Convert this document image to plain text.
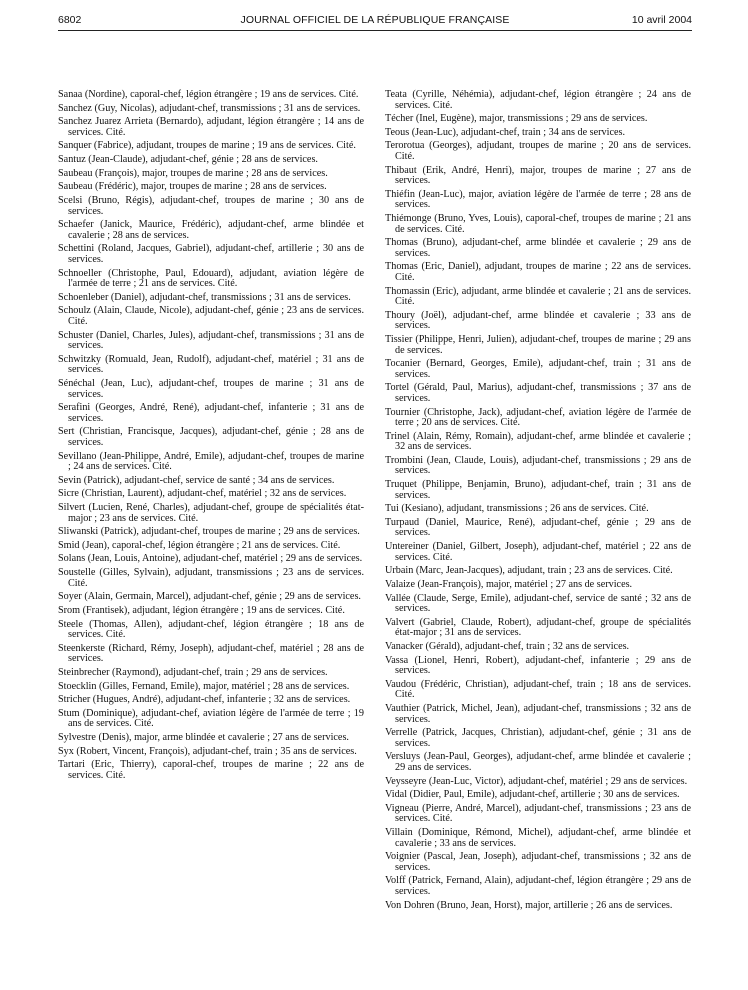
6802	JOURNAL OFFICIEL DE LA RÉPUBLIQUE FRANÇAISE	10 avril 2004

Sanaa (Nordine), caporal-chef, légion étrangère ; 19 ans de services. Cité.

Sanchez (Guy, Nicolas), adjudant-chef, transmissions ; 31 ans de services.

Sanchez Juarez Arrieta (Bernardo), adjudant, légion étrangère ; 14 ans de services. Cité.

Sanquer (Fabrice), adjudant, troupes de marine ; 19 ans de services. Cité.

Santuz (Jean-Claude), adjudant-chef, génie ; 28 ans de services.

Saubeau (François), major, troupes de marine ; 28 ans de services.

Saubeau (Frédéric), major, troupes de marine ; 28 ans de services.

Scelsi (Bruno, Régis), adjudant-chef, troupes de marine ; 30 ans de services.

Schaefer (Janick, Maurice, Frédéric), adjudant-chef, arme blindée et cavalerie ; 28 ans de services.

Schettini (Roland, Jacques, Gabriel), adjudant-chef, artillerie ; 30 ans de services.

Schnoeller (Christophe, Paul, Edouard), adjudant, aviation légère de l'armée de terre ; 21 ans de services. Cité.

Schoenleber (Daniel), adjudant-chef, transmissions ; 31 ans de services.

Schoulz (Alain, Claude, Nicole), adjudant-chef, génie ; 23 ans de services. Cité.

Schuster (Daniel, Charles, Jules), adjudant-chef, transmissions ; 31 ans de services.

Schwitzky (Romuald, Jean, Rudolf), adjudant-chef, matériel ; 31 ans de services.

Sénéchal (Jean, Luc), adjudant-chef, troupes de marine ; 31 ans de services.

Serafini (Georges, André, René), adjudant-chef, infanterie ; 31 ans de services.

Sert (Christian, Francisque, Jacques), adjudant-chef, génie ; 28 ans de services.

Sevillano (Jean-Philippe, André, Emile), adjudant-chef, troupes de marine ; 24 ans de services. Cité.

Sevin (Patrick), adjudant-chef, service de santé ; 34 ans de services.

Sicre (Christian, Laurent), adjudant-chef, matériel ; 32 ans de services.

Silvert (Lucien, René, Charles), adjudant-chef, groupe de spécialités état-major ; 23 ans de services. Cité.

Sliwanski (Patrick), adjudant-chef, troupes de marine ; 29 ans de services.

Smid (Jean), caporal-chef, légion étrangère ; 21 ans de services. Cité.

Solans (Jean, Louis, Antoine), adjudant-chef, matériel ; 29 ans de services.

Soustelle (Gilles, Sylvain), adjudant, transmissions ; 23 ans de services. Cité.

Soyer (Alain, Germain, Marcel), adjudant-chef, génie ; 29 ans de services.

Srom (Frantisek), adjudant, légion étrangère ; 19 ans de services. Cité.

Steele (Thomas, Allen), adjudant-chef, légion étrangère ; 18 ans de services. Cité.

Steenkerste (Richard, Rémy, Joseph), adjudant-chef, matériel ; 28 ans de services.

Steinbrecher (Raymond), adjudant-chef, train ; 29 ans de services.

Stoecklin (Gilles, Fernand, Emile), major, matériel ; 28 ans de services.

Stricher (Hugues, André), adjudant-chef, infanterie ; 32 ans de services.

Stum (Dominique), adjudant-chef, aviation légère de l'armée de terre ; 19 ans de services. Cité.

Sylvestre (Denis), major, arme blindée et cavalerie ; 27 ans de services.

Syx (Robert, Vincent, François), adjudant-chef, train ; 35 ans de services.

Tartari (Eric, Thierry), caporal-chef, troupes de marine ; 22 ans de services. Cité.

Teata (Cyrille, Néhémia), adjudant-chef, légion étrangère ; 24 ans de services. Cité.

Técher (Inel, Eugène), major, transmissions ; 29 ans de services.

Teous (Jean-Luc), adjudant-chef, train ; 34 ans de services.

Terorotua (Georges), adjudant, troupes de marine ; 20 ans de services. Cité.

Thibaut (Erik, André, Henri), major, troupes de marine ; 27 ans de services.

Thiéfin (Jean-Luc), major, aviation légère de l'armée de terre ; 28 ans de services.

Thiémonge (Bruno, Yves, Louis), caporal-chef, troupes de marine ; 21 ans de services. Cité.

Thomas (Bruno), adjudant-chef, arme blindée et cavalerie ; 29 ans de services.

Thomas (Eric, Daniel), adjudant, troupes de marine ; 22 ans de services. Cité.

Thomassin (Eric), adjudant, arme blindée et cavalerie ; 21 ans de services. Cité.

Thoury (Joël), adjudant-chef, arme blindée et cavalerie ; 33 ans de services.

Tissier (Philippe, Henri, Julien), adjudant-chef, troupes de marine ; 29 ans de services.

Tocanier (Bernard, Georges, Emile), adjudant-chef, train ; 31 ans de services.

Tortel (Gérald, Paul, Marius), adjudant-chef, transmissions ; 37 ans de services.

Tournier (Christophe, Jack), adjudant-chef, aviation légère de l'armée de terre ; 20 ans de services. Cité.

Trinel (Alain, Rémy, Romain), adjudant-chef, arme blindée et cavalerie ; 32 ans de services.

Trombini (Jean, Claude, Louis), adjudant-chef, transmissions ; 29 ans de services.

Truquet (Philippe, Benjamin, Bruno), adjudant-chef, train ; 31 ans de services.

Tui (Kesiano), adjudant, transmissions ; 26 ans de services. Cité.

Turpaud (Daniel, Maurice, René), adjudant-chef, génie ; 29 ans de services.

Untereiner (Daniel, Gilbert, Joseph), adjudant-chef, matériel ; 22 ans de services. Cité.

Urbain (Marc, Jean-Jacques), adjudant, train ; 23 ans de services. Cité.

Valaize (Jean-François), major, matériel ; 27 ans de services.

Vallée (Claude, Serge, Emile), adjudant-chef, service de santé ; 32 ans de services.

Valvert (Gabriel, Claude, Robert), adjudant-chef, groupe de spécialités état-major ; 31 ans de services.

Vanacker (Gérald), adjudant-chef, train ; 32 ans de services.

Vassa (Lionel, Henri, Robert), adjudant-chef, infanterie ; 29 ans de services.

Vaudou (Frédéric, Christian), adjudant-chef, train ; 18 ans de services. Cité.

Vauthier (Patrick, Michel, Jean), adjudant-chef, transmissions ; 32 ans de services.

Verrelle (Patrick, Jacques, Christian), adjudant-chef, génie ; 31 ans de services.

Versluys (Jean-Paul, Georges), adjudant-chef, arme blindée et cavalerie ; 29 ans de services.

Veysseyre (Jean-Luc, Victor), adjudant-chef, matériel ; 29 ans de services.

Vidal (Didier, Paul, Emile), adjudant-chef, artillerie ; 30 ans de services.

Vigneau (Pierre, André, Marcel), adjudant-chef, transmissions ; 23 ans de services. Cité.

Villain (Dominique, Rémond, Michel), adjudant-chef, arme blindée et cavalerie ; 33 ans de services.

Voignier (Pascal, Jean, Joseph), adjudant-chef, transmissions ; 32 ans de services.

Volff (Patrick, Fernand, Alain), adjudant-chef, légion étrangère ; 29 ans de services.

Von Dohren (Bruno, Jean, Horst), major, artillerie ; 26 ans de services.
